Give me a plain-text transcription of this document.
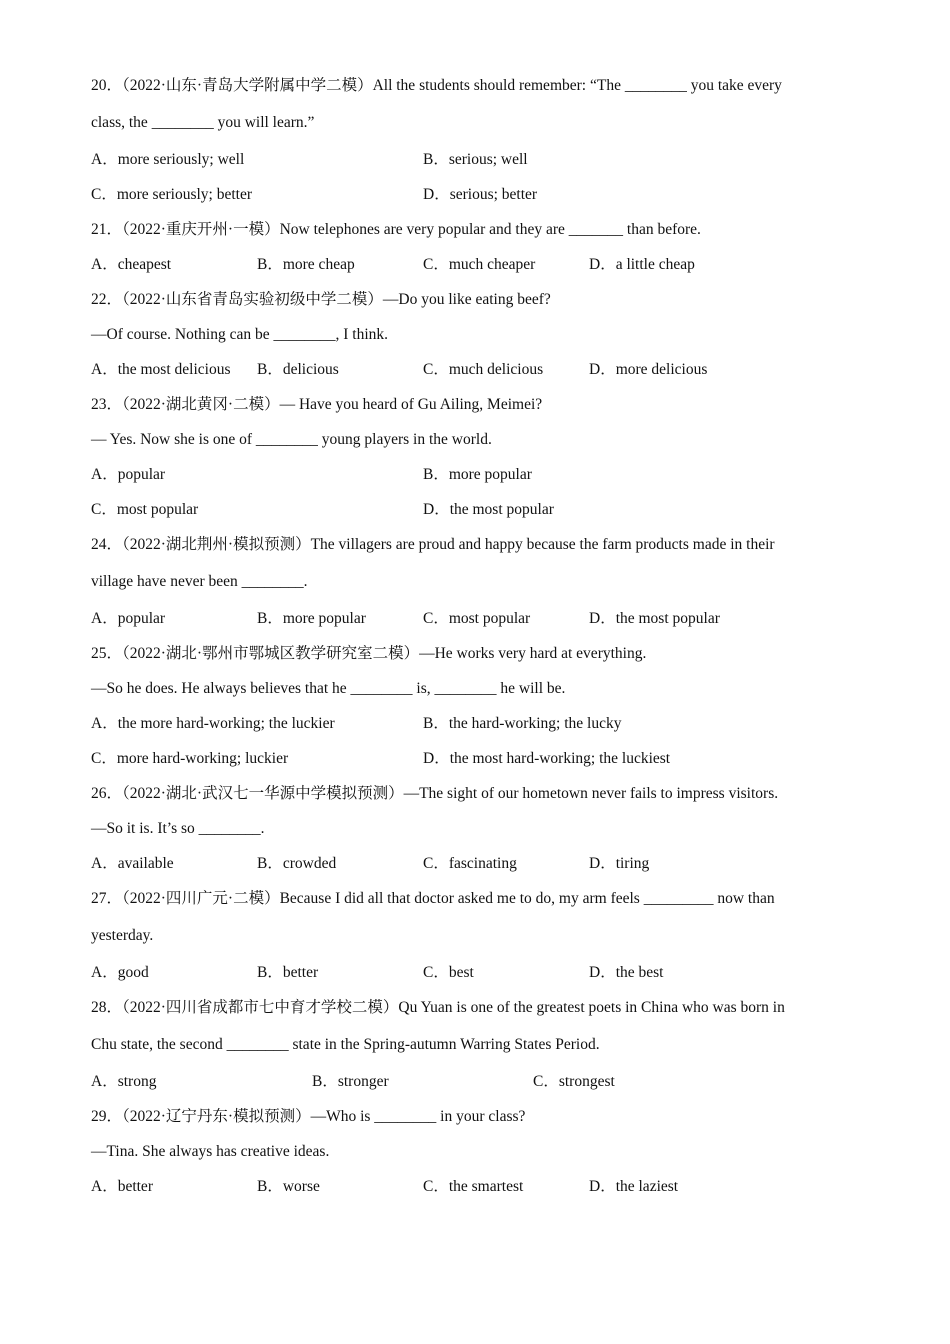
20．（2022·山东·青岛大学附属中学二模）All the students should remember: “The ________ you take every
class, the ________ you will learn.”
A．more seriously; well	B．serious; well
C．more seriously; better	D．serious; better
21．（2022·重庆开州·一模）Now telephones are very popular and they are _______ than before.
A．cheapest	B．more cheap	C．much cheaper	D．a little cheap
22．（2022·山东省青岛实验初级中学二模）—Do you like eating beef?
—Of course. Nothing can be ________, I think.
A．the most delicious	B．delicious	C．much delicious	D．more delicious
23．（2022·湖北黄冈·二模）— Have you heard of Gu Ailing, Meimei?
— Yes. Now she is one of ________ young players in the world.
A．popular	B．more popular
C．most popular	D．the most popular
24．（2022·湖北荆州·模拟预测）The villagers are proud and happy because the farm products made in their
village have never been ________.
A．popular	B．more popular	C．most popular	D．the most popular
25．（2022·湖北·鄂州市鄂城区教学研究室二模）—He works very hard at everything.
—So he does. He always believes that he ________ is, ________ he will be.
A．the more hard-working; the luckier	B．the hard-working; the lucky
C．more hard-working; luckier	D．the most hard-working; the luckiest
26．（2022·湖北·武汉七一华源中学模拟预测）—The sight of our hometown never fails to impress visitors.
—So it is. It’s so ________.
A．available	B．crowded	C．fascinating	D．tiring
27．（2022·四川广元·二模）Because I did all that doctor asked me to do, my arm feels _________ now than
yesterday.
A．good	B．better	C．best	D．the best
28．（2022·四川省成都市七中育才学校二模）Qu Yuan is one of the greatest poets in China who was born in
Chu state, the second ________ state in the Spring-autumn Warring States Period.
A．strong	B．stronger	C．strongest
29．（2022·辽宁丹东·模拟预测）—Who is ________ in your class?
—Tina. She always has creative ideas.
A．better	B．worse	C．the smartest	D．the laziest
